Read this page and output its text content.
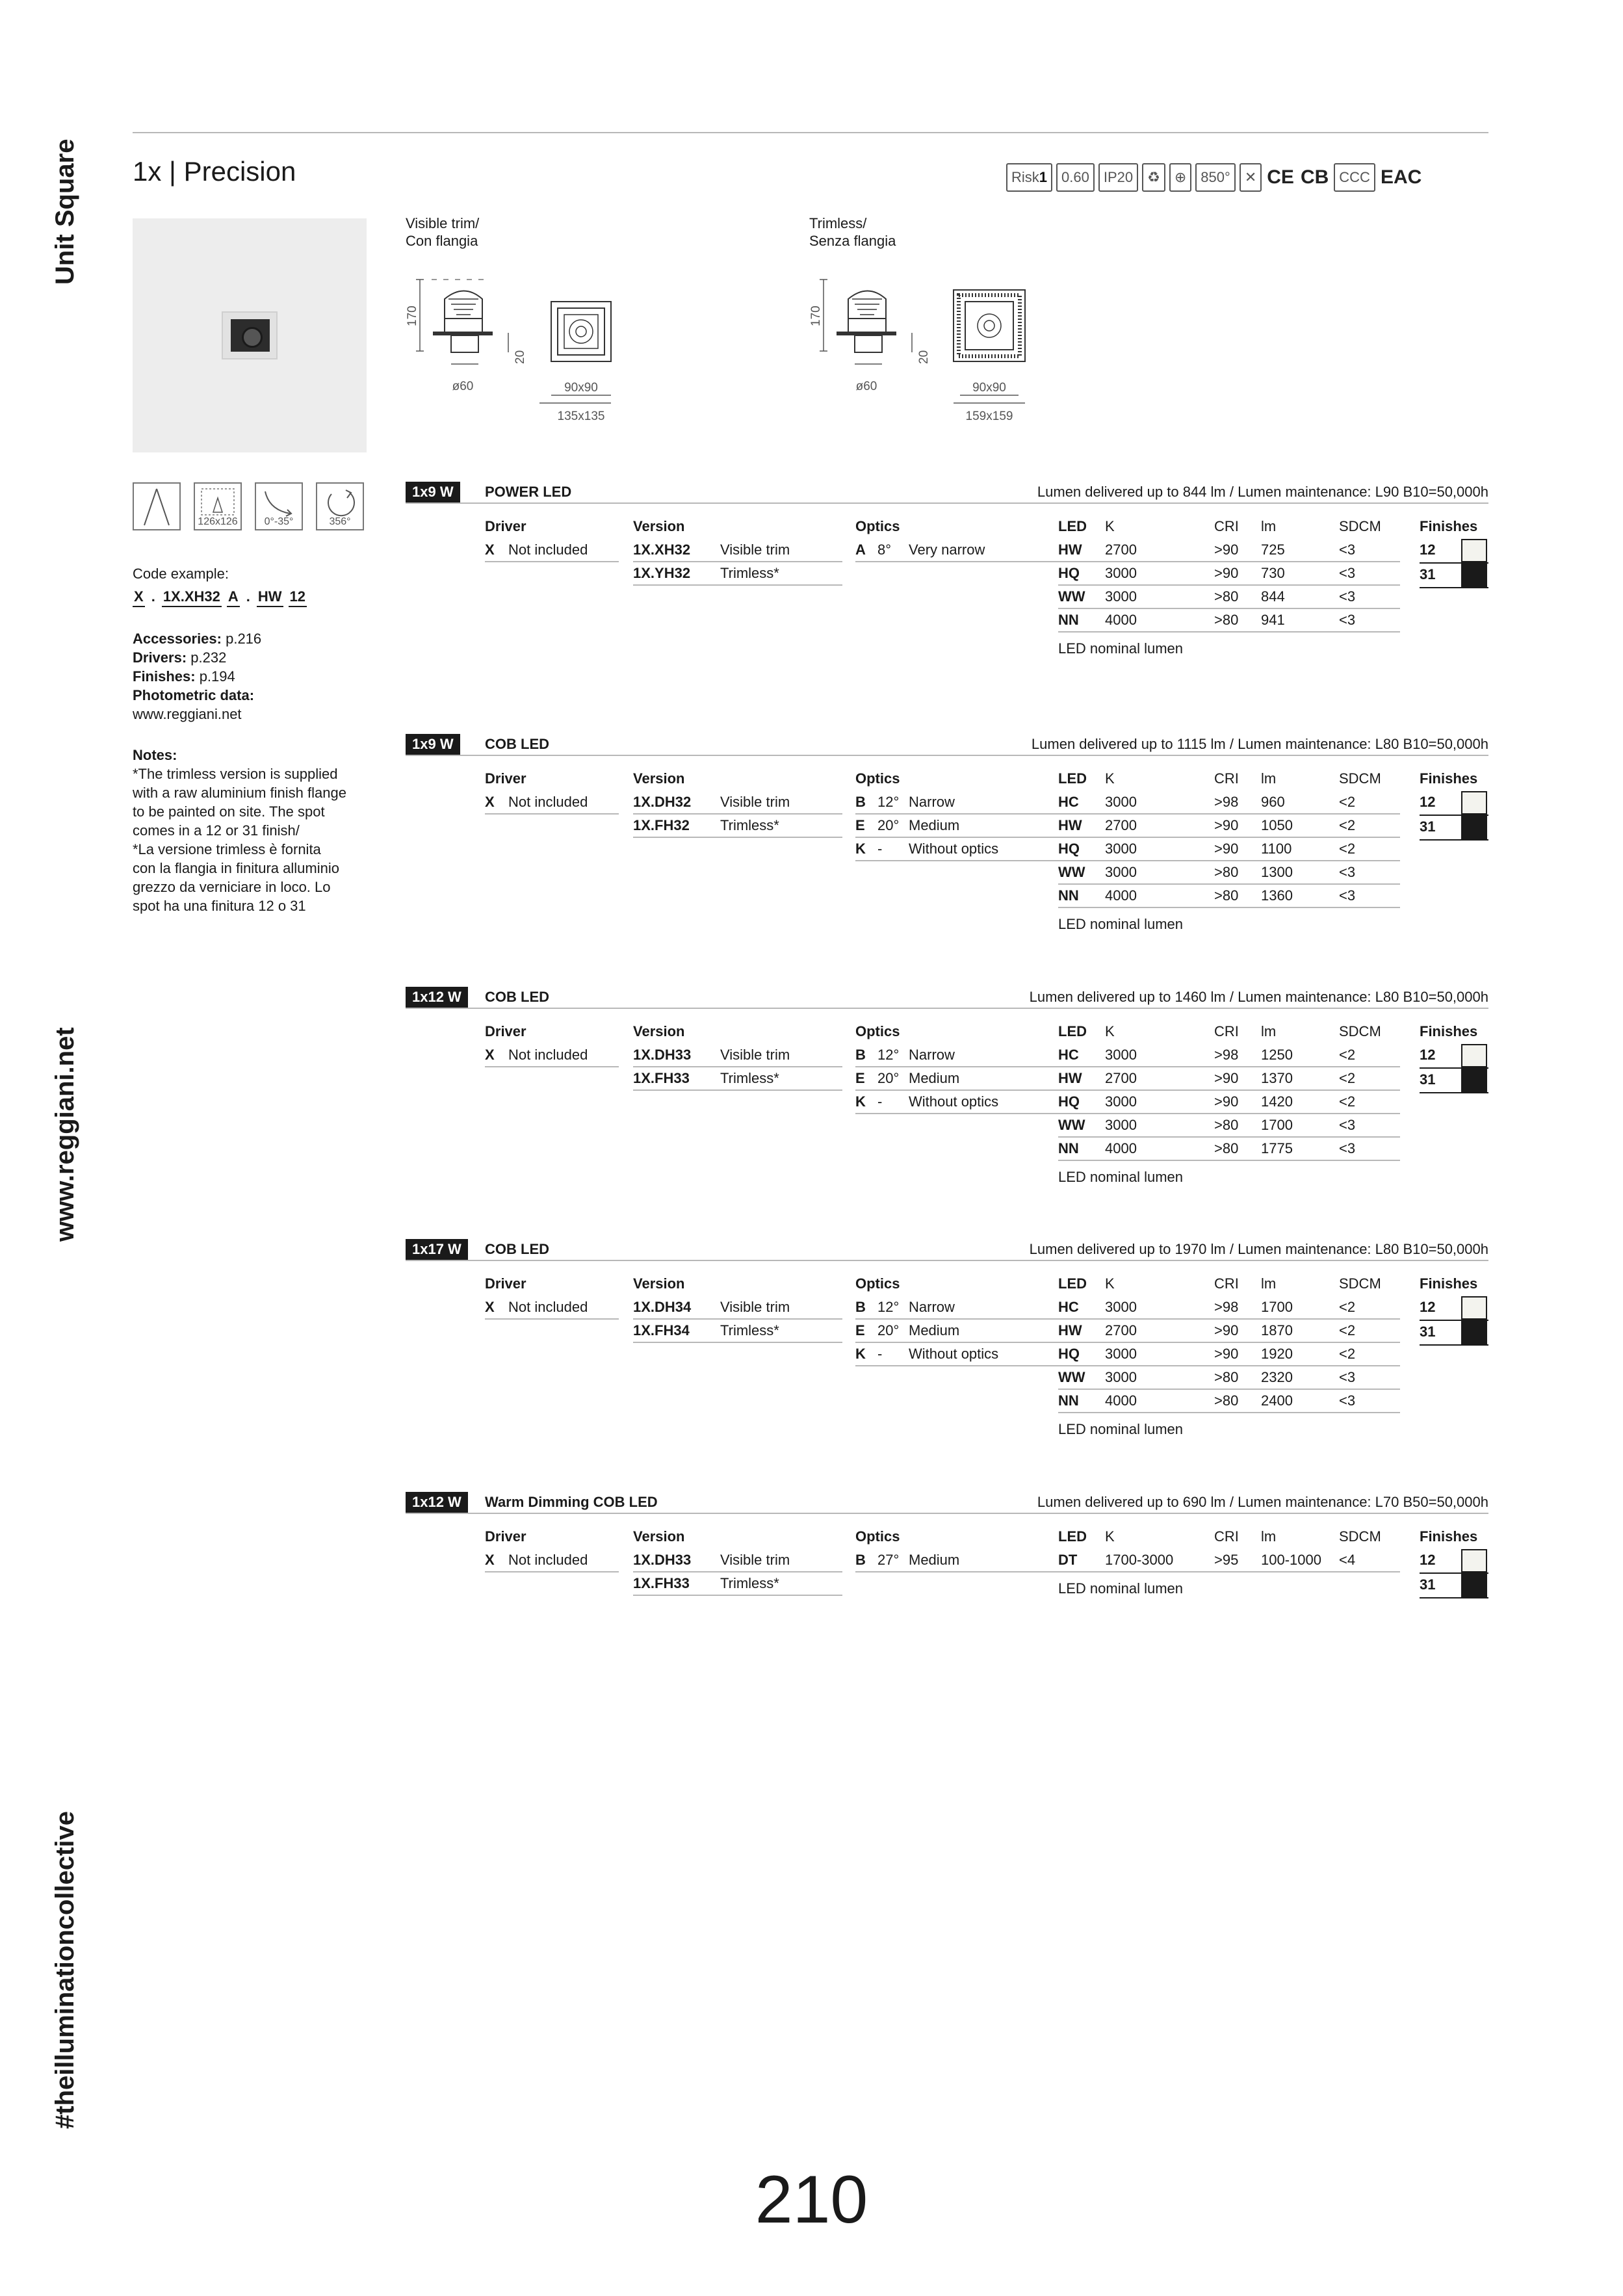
Unit Square
www.reggiani.net
#theilluminationcollective
1x | Precision	Risk 1 0.60 IP20 ♻ ⊕ 850° ✕ CE CB CCC EAC
Visible trim/
Con flangia
170
ø60
20
90x90
135x135
Trimless/
Senza flangia
170
ø60
20
90x90
159x159
126x126	0°-35°	356°
Code example:
X . 1X.XH32 A . HW 12
Accessories: p.216
Drivers: p.232
Finishes: p.194
Photometric data:
www.reggiani.net
Notes:
*The trimless version is supplied
with a raw aluminium finish flange
to be painted on site. The spot
comes in a 12 or 31 finish/
*La versione trimless è fornita
con la flangia in finitura alluminio
grezzo da verniciare in loco. Lo
spot ha una finitura 12 o 31
1x9 W	POWER LED	Lumen delivered up to 844 lm / Lumen maintenance: L90 B10=50,000h
Driver
X Not included
Version
1X.XH32	Visible trim
1X.YH32	Trimless*
Optics
A 8°	Very narrow
LED	K	CRI	lm	SDCM
HW	2700	>90	725	<3
HQ	3000	>90	730	<3
WW	3000	>80	844	<3
NN	4000	>80	941	<3
LED nominal lumen
Finishes
12
31
1x9 W	COB LED	Lumen delivered up to 1115 lm / Lumen maintenance: L80 B10=50,000h
Driver
X Not included
Version
1X.DH32	Visible trim
1X.FH32	Trimless*
Optics
B 12° Narrow
E 20° Medium
K -	Without optics
LED	K	CRI	lm	SDCM
HC	3000	>98	960	<2
HW	2700	>90	1050	<2
HQ	3000	>90	1100	<2
WW	3000	>80	1300	<3
NN	4000	>80	1360	<3
LED nominal lumen
Finishes
12
31
1x12 W	COB LED	Lumen delivered up to 1460 lm / Lumen maintenance: L80 B10=50,000h
Driver
X Not included
Version
1X.DH33	Visible trim
1X.FH33	Trimless*
Optics
B 12° Narrow
E 20° Medium
K -	Without optics
LED	K	CRI	lm	SDCM
HC	3000	>98	1250	<2
HW	2700	>90	1370	<2
HQ	3000	>90	1420	<2
WW	3000	>80	1700	<3
NN	4000	>80	1775	<3
LED nominal lumen
Finishes
12
31
1x17 W	COB LED	Lumen delivered up to 1970 lm / Lumen maintenance: L80 B10=50,000h
Driver
X Not included
Version
1X.DH34	Visible trim
1X.FH34	Trimless*
Optics
B 12° Narrow
E 20° Medium
K -	Without optics
LED	K	CRI	lm	SDCM
HC	3000	>98	1700	<2
HW	2700	>90	1870	<2
HQ	3000	>90	1920	<2
WW	3000	>80	2320	<3
NN	4000	>80	2400	<3
LED nominal lumen
Finishes
12
31
1x12 W	Warm Dimming COB LED	Lumen delivered up to 690 lm / Lumen maintenance: L70 B50=50,000h
Driver
X Not included
Version
1X.DH33	Visible trim
1X.FH33	Trimless*
Optics
B 27° Medium
LED	K	CRI	lm	SDCM
DT	1700-3000	>95	100-1000	<4
LED nominal lumen
Finishes
12
31
210
